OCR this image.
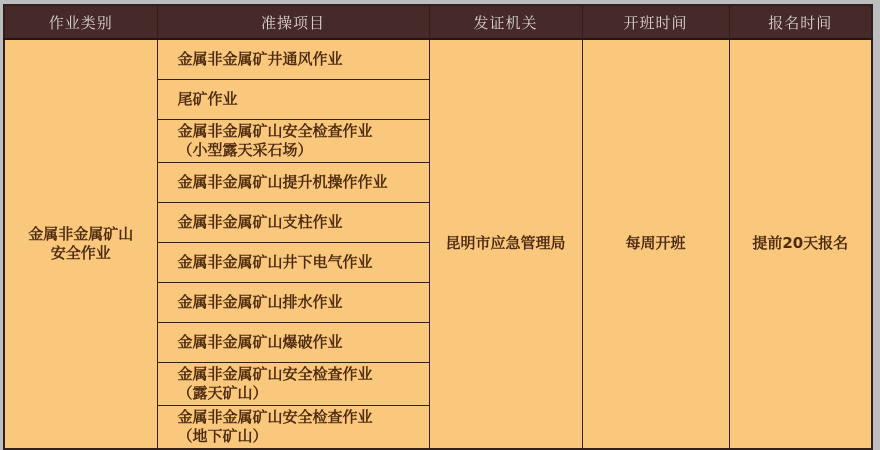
作业类别	准操项目	发证机关	开班时间	报名时间

金属非金属矿山
安全作业	金属非金属矿井通风作业	昆明市应急管理局	每周开班	提前20天报名

	尾矿作业			

	金属非金属矿山安全检查作业
（小型露天采石场）			

	金属非金属矿山提升机操作作业			

	金属非金属矿山支柱作业			

	金属非金属矿山井下电气作业			

	金属非金属矿山排水作业			

	金属非金属矿山爆破作业			

	金属非金属矿山安全检查作业
（露天矿山）			

	金属非金属矿山安全检查作业
（地下矿山）			
